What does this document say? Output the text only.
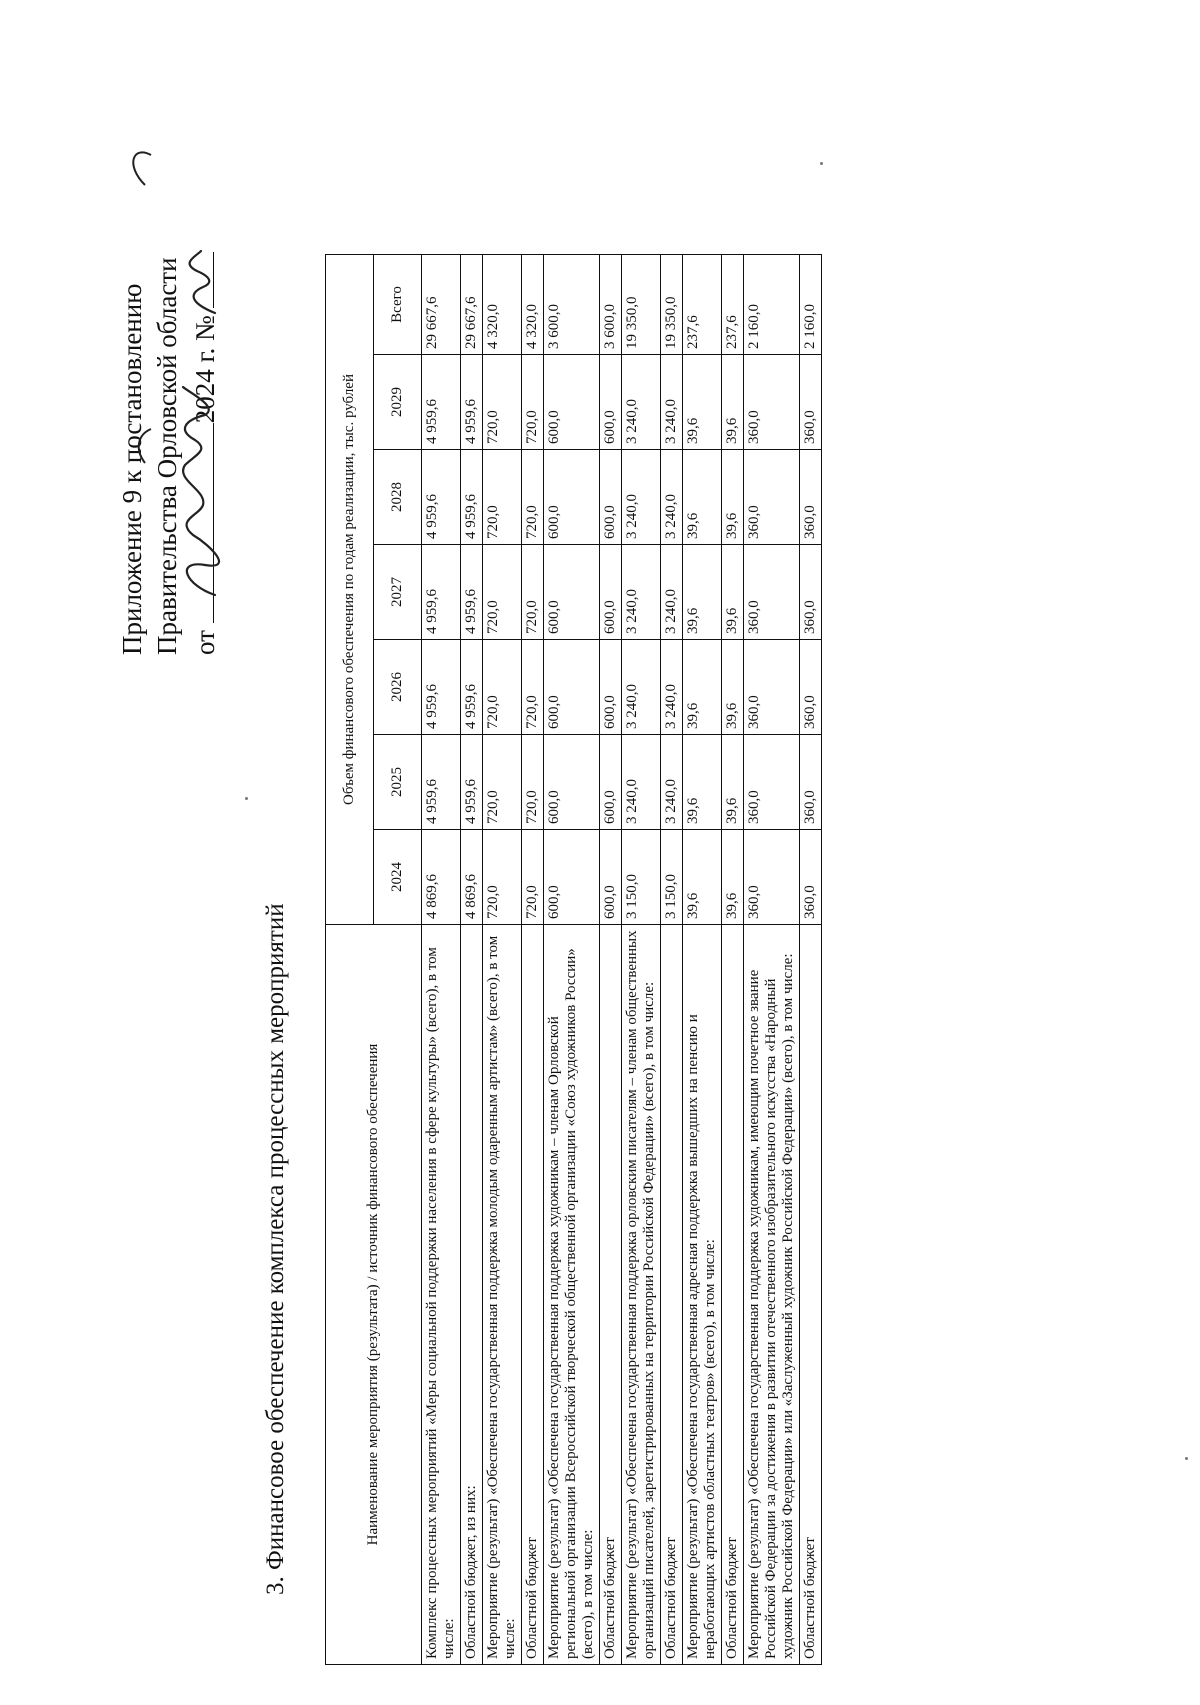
Приложение 9 к постановлению Правительства Орловской области от 2024 г. №
3. Финансовое обеспечение комплекса процессных мероприятий	Наименование мероприятия (результата) / источник финансового обеспечения	Объем финансового обеспечения по годам реализации, тыс. рублей						
	2024	2025	2026	2027	2028	2029	Всего
Комплекс процессных мероприятий «Меры социальной поддержки населения в сфере культуры» (всего), в том числе:	4 869,6	4 959,6	4 959,6	4 959,6	4 959,6	4 959,6	29 667,6
Областной бюджет, из них:	4 869,6	4 959,6	4 959,6	4 959,6	4 959,6	4 959,6	29 667,6
Мероприятие (результат) «Обеспечена государственная поддержка молодым одаренным артистам» (всего), в том числе:	720,0	720,0	720,0	720,0	720,0	720,0	4 320,0
Областной бюджет	720,0	720,0	720,0	720,0	720,0	720,0	4 320,0
Мероприятие (результат) «Обеспечена государственная поддержка художникам – членам Орловской региональной организации Всероссийской творческой общественной организации «Союз художников России» (всего), в том числе:	600,0	600,0	600,0	600,0	600,0	600,0	3 600,0
Областной бюджет	600,0	600,0	600,0	600,0	600,0	600,0	3 600,0
Мероприятие (результат) «Обеспечена государственная поддержка орловским писателям – членам общественных организаций писателей, зарегистрированных на территории Российской Федерации» (всего), в том числе:	3 150,0	3 240,0	3 240,0	3 240,0	3 240,0	3 240,0	19 350,0
Областной бюджет	3 150,0	3 240,0	3 240,0	3 240,0	3 240,0	3 240,0	19 350,0
Мероприятие (результат) «Обеспечена государственная адресная поддержка вышедших на пенсию и неработающих артистов областных театров» (всего), в том числе:	39,6	39,6	39,6	39,6	39,6	39,6	237,6
Областной бюджет	39,6	39,6	39,6	39,6	39,6	39,6	237,6
Мероприятие (результат) «Обеспечена государственная поддержка художникам, имеющим почетное звание Российской Федерации за достижения в развитии отечественного изобразительного искусства «Народный художник Российской Федерации» или «Заслуженный художник Российской Федерации» (всего), в том числе:	360,0	360,0	360,0	360,0	360,0	360,0	2 160,0
Областной бюджет	360,0	360,0	360,0	360,0	360,0	360,0	2 160,0
